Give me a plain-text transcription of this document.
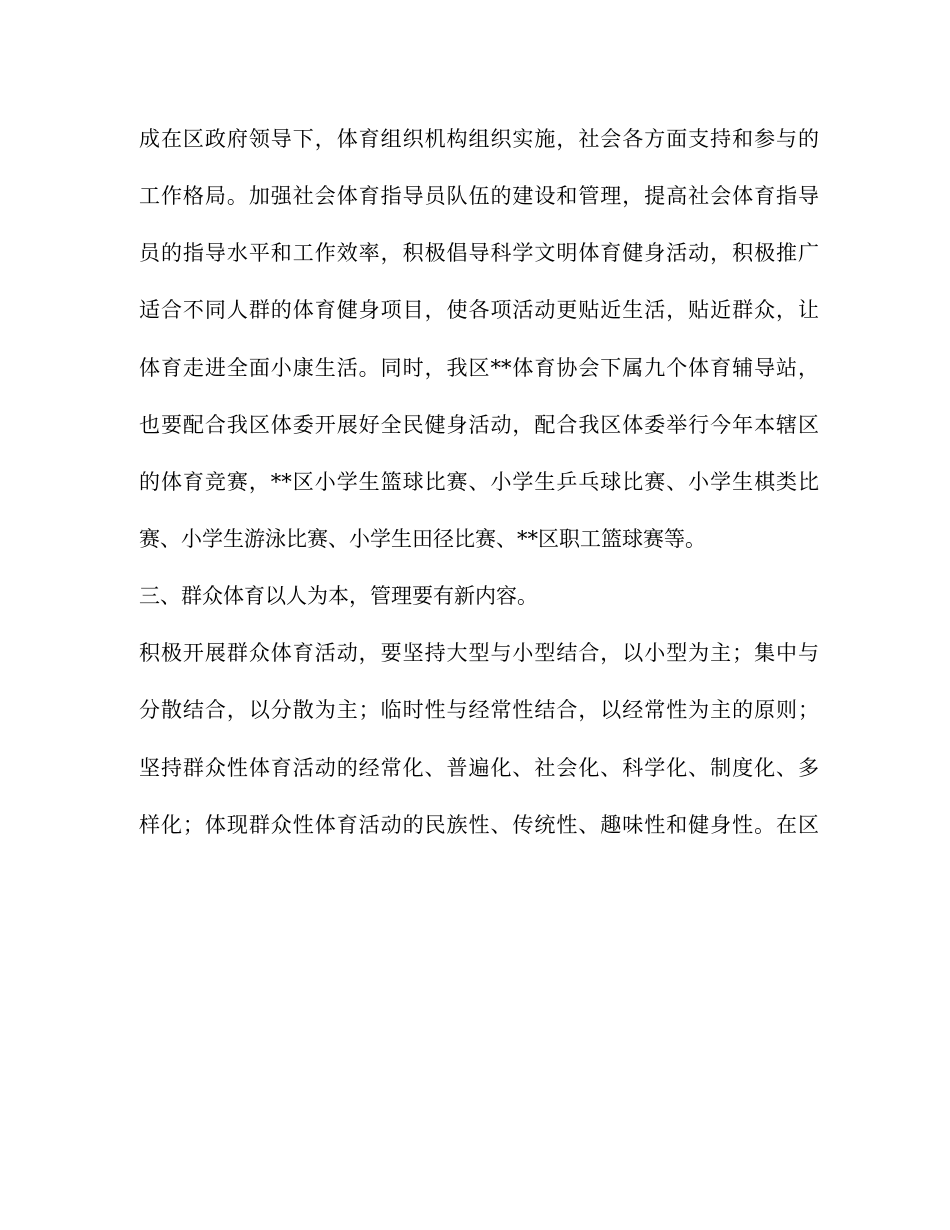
成在区政府领导下，体育组织机构组织实施，社会各方面支持和参与的

工作格局。加强社会体育指导员队伍的建设和管理，提高社会体育指导

员的指导水平和工作效率，积极倡导科学文明体育健身活动，积极推广

适合不同人群的体育健身项目，使各项活动更贴近生活，贴近群众，让

体育走进全面小康生活。同时，我区**体育协会下属九个体育辅导站，

也要配合我区体委开展好全民健身活动，配合我区体委举行今年本辖区

的体育竞赛，**区小学生篮球比赛、小学生乒乓球比赛、小学生棋类比

赛、小学生游泳比赛、小学生田径比赛、**区职工篮球赛等。

三、群众体育以人为本，管理要有新内容。

积极开展群众体育活动，要坚持大型与小型结合，以小型为主；集中与

分散结合，以分散为主；临时性与经常性结合，以经常性为主的原则；

坚持群众性体育活动的经常化、普遍化、社会化、科学化、制度化、多

样化；体现群众性体育活动的民族性、传统性、趣味性和健身性。在区
